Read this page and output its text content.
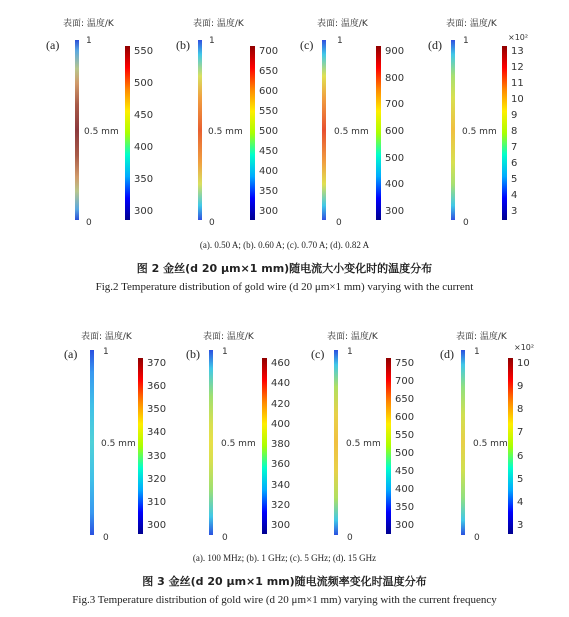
表面: 温度/K
(a)	1
0.5 mm
0
550
500
450
400
350
300
表面: 温度/K
(b) 1
0.5 mm
0
700
650
600
550
500
450
400
350
300
表面: 温度/K
(c)	1
0.5 mm
0
900
800
700
600
500
400
300
表面: 温度/K
(d) 1
0.5 mm
0
×10²
13
12
11
10
9
8
7
6
5
4
3
(a). 0.50 A; (b). 0.60 A; (c). 0.70 A; (d). 0.82 A
图 2 金丝(d 20 μm×1 mm)随电流大小变化时的温度分布
Fig.2 Temperature distribution of gold wire (d 20 μm×1 mm) varying with the current
表面: 温度/K
(a)	1
0.5 mm
0
370
360
350
340
330
320
310
300
表面: 温度/K
(b) 1
0.5 mm
0
460
440
420
400
380
360
340
320
300
表面: 温度/K
(c)	1
0.5 mm
0
750
700
650
600
550
500
450
400
350
300
表面: 温度/K
(d) 1
0.5 mm
0
×10²
10
9
8
7
6
5
4
3
(a). 100 MHz; (b). 1 GHz; (c). 5 GHz; (d). 15 GHz
图 3 金丝(d 20 μm×1 mm)随电流频率变化时温度分布
Fig.3 Temperature distribution of gold wire (d 20 μm×1 mm) varying with the current frequency
